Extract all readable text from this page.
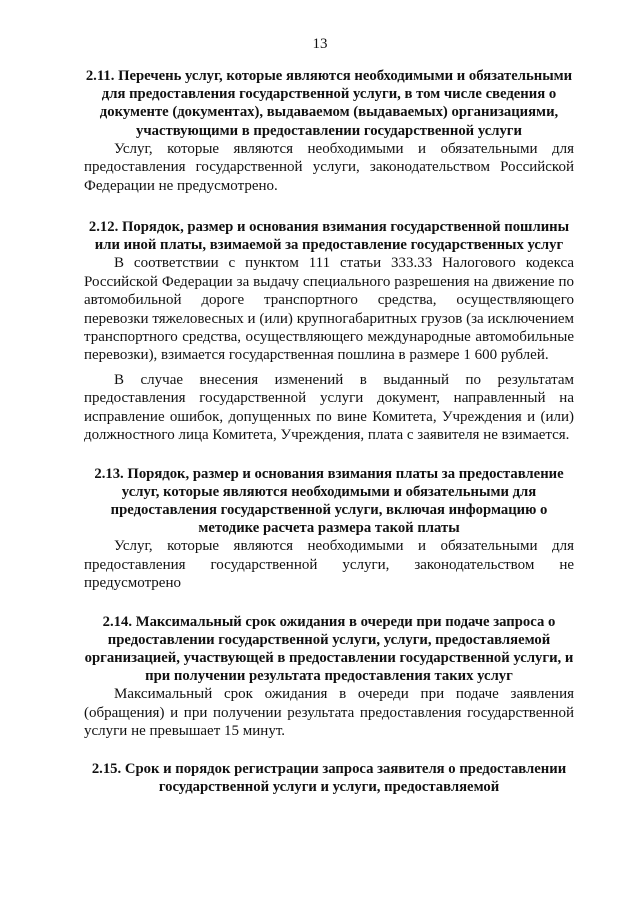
13
2.11. Перечень услуг, которые являются необходимыми и обязательными для предоставления государственной услуги, в том числе сведения о документе (документах), выдаваемом (выдаваемых) организациями, участвующими в предоставлении государственной услуги

Услуг, которые являются необходимыми и обязательными для предоставления государственной услуги, законодательством Российской Федерации не предусмотрено.

2.12. Порядок, размер и основания взимания государственной пошлины или иной платы, взимаемой за предоставление государственных услуг

В соответствии с пунктом 111 статьи 333.33 Налогового кодекса Российской Федерации за выдачу специального разрешения на движение по автомобильной дороге транспортного средства, осуществляющего перевозки тяжеловесных и (или) крупногабаритных грузов (за исключением транспортного средства, осуществляющего международные автомобильные перевозки), взимается государственная пошлина в размере 1 600 рублей.

В случае внесения изменений в выданный по результатам предоставления государственной услуги документ, направленный на исправление ошибок, допущенных по вине Комитета, Учреждения и (или) должностного лица Комитета, Учреждения, плата с заявителя не взимается.

2.13. Порядок, размер и основания взимания платы за предоставление услуг, которые являются необходимыми и обязательными для предоставления государственной услуги, включая информацию о методике расчета размера такой платы

Услуг, которые являются необходимыми и обязательными для предоставления государственной услуги, законодательством не предусмотрено

2.14. Максимальный срок ожидания в очереди при подаче запроса о предоставлении государственной услуги, услуги, предоставляемой организацией, участвующей в предоставлении государственной услуги, и при получении результата предоставления таких услуг

Максимальный срок ожидания в очереди при подаче заявления (обращения) и при получении результата предоставления государственной услуги не превышает 15 минут.

2.15. Срок и порядок регистрации запроса заявителя о предоставлении государственной услуги и услуги, предоставляемой
